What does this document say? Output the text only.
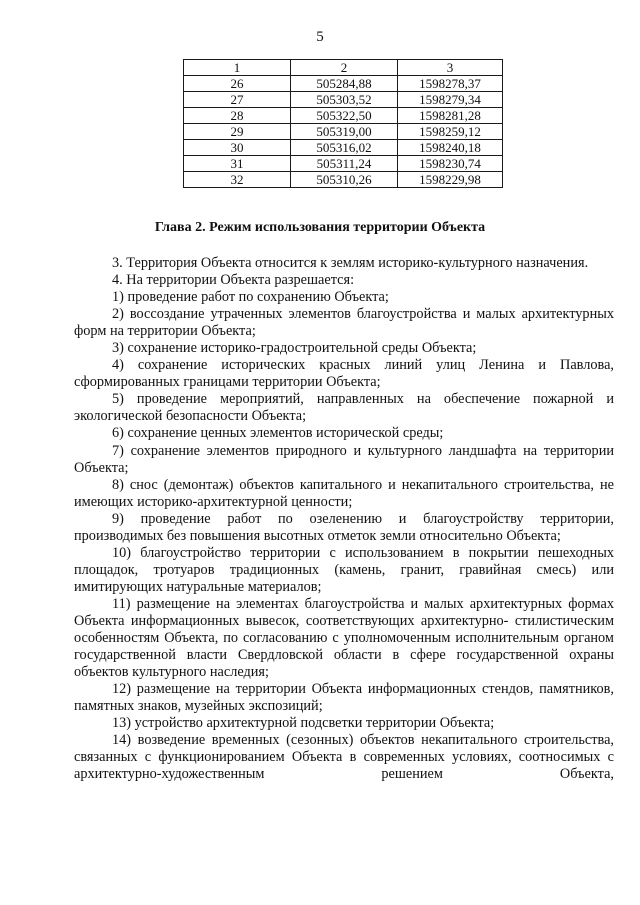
5
1	2	3
26	505284,88	1598278,37
27	505303,52	1598279,34
28	505322,50	1598281,28
29	505319,00	1598259,12
30	505316,02	1598240,18
31	505311,24	1598230,74
32	505310,26	1598229,98
Глава 2. Режим использования территории Объекта

3. Территория Объекта относится к землям историко-культурного назначения.

4. На территории Объекта разрешается:

1) проведение работ по сохранению Объекта;

2) воссоздание утраченных элементов благоустройства и малых архитектурных форм на территории Объекта;

3) сохранение историко-градостроительной среды Объекта;

4) сохранение исторических красных линий улиц Ленина и Павлова, сформированных границами территории Объекта;

5) проведение мероприятий, направленных на обеспечение пожарной и экологической безопасности Объекта;

6) сохранение ценных элементов исторической среды;

7) сохранение элементов природного и культурного ландшафта на территории Объекта;

8) снос (демонтаж) объектов капитального и некапитального строительства, не имеющих историко-архитектурной ценности;

9) проведение работ по озеленению и благоустройству территории, производимых без повышения высотных отметок земли относительно Объекта;

10) благоустройство территории с использованием в покрытии пешеходных площадок, тротуаров традиционных (камень, гранит, гравийная смесь) или имитирующих натуральные материалов;

11) размещение на элементах благоустройства и малых архитектурных формах Объекта информационных вывесок, соответствующих архитектурно- стилистическим особенностям Объекта, по согласованию с уполномоченным исполнительным органом государственной власти Свердловской области в сфере государственной охраны объектов культурного наследия;

12) размещение на территории Объекта информационных стендов, памятников, памятных знаков, музейных экспозиций;

13) устройство архитектурной подсветки территории Объекта;

14) возведение временных (сезонных) объектов некапитального строительства, связанных с функционированием Объекта в современных условиях, соотносимых с архитектурно-художественным решением Объекта,
